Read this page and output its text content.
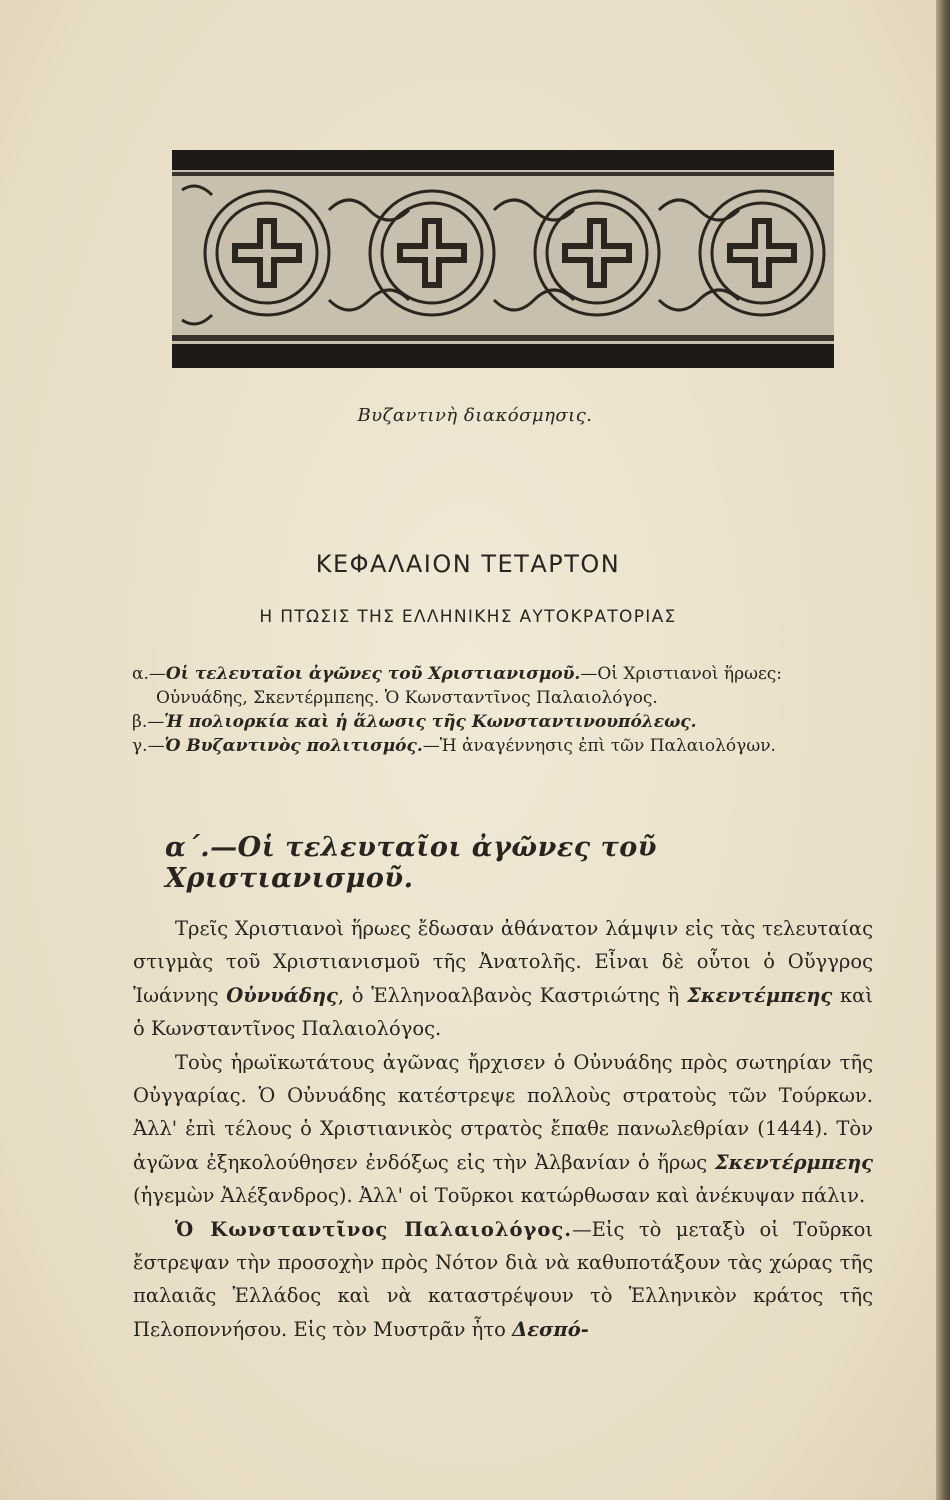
Βυζαντινὴ διακόσμησις.
ΚΕΦΑΛΑΙΟΝ ΤΕΤΑΡΤΟΝ
Η ΠΤΩΣΙΣ ΤΗΣ ΕΛΛΗΝΙΚΗΣ ΑΥΤΟΚΡΑΤΟΡΙΑΣ
α.—Οἱ τελευταῖοι ἀγῶνες τοῦ Χριστιανισμοῦ.—Οἱ Χριστιανοὶ ἥρωες:
Οὐνυάδης, Σκεντέρμπεης. Ὁ Κωνσταντῖνος Παλαιολόγος.
β.—Ἡ πολιορκία καὶ ἡ ἅλωσις τῆς Κωνσταντινουπόλεως.
γ.—Ὁ Βυζαντινὸς πολιτισμός.—Ἡ ἀναγέννησις ἐπὶ τῶν Παλαιολόγων.
α΄.—Οἱ τελευταῖοι ἀγῶνες τοῦ Χριστιανισμοῦ.

Τρεῖς Χριστιανοὶ ἥρωες ἔδωσαν ἀθάνατον λάμψιν εἰς τὰς τελευταίας στιγμὰς τοῦ Χριστιανισμοῦ τῆς Ἀνατολῆς. Εἶναι δὲ οὗτοι ὁ Οὔγγρος Ἰωάννης Οὐνυάδης, ὁ Ἑλληνοαλβανὸς Καστριώτης ἢ Σκεντέμπεης καὶ ὁ Κωνσταντῖνος Παλαιολόγος.

Τοὺς ἡρωϊκωτάτους ἀγῶνας ἤρχισεν ὁ Οὐνυάδης πρὸς σωτηρίαν τῆς Οὐγγαρίας. Ὁ Οὐνυάδης κατέστρεψε πολλοὺς στρατοὺς τῶν Τούρκων. Ἀλλ' ἐπὶ τέλους ὁ Χριστιανικὸς στρατὸς ἔπαθε πανωλεθρίαν (1444). Τὸν ἀγῶνα ἐξηκολούθησεν ἐνδόξως εἰς τὴν Ἀλβανίαν ὁ ἥρως Σκεντέρμπεης (ἡγεμὼν Ἀλέξανδρος). Ἀλλ' οἱ Τοῦρκοι κατώρθωσαν καὶ ἀνέκυψαν πάλιν.

Ὁ Κωνσταντῖνος Παλαιολόγος.—Εἰς τὸ μεταξὺ οἱ Τοῦρκοι ἔστρεψαν τὴν προσοχὴν πρὸς Νότον διὰ νὰ καθυποτάξουν τὰς χώρας τῆς παλαιᾶς Ἑλλάδος καὶ νὰ καταστρέψουν τὸ Ἑλληνικὸν κράτος τῆς Πελοποννήσου. Εἰς τὸν Μυστρᾶν ἦτο Δεσπό-
